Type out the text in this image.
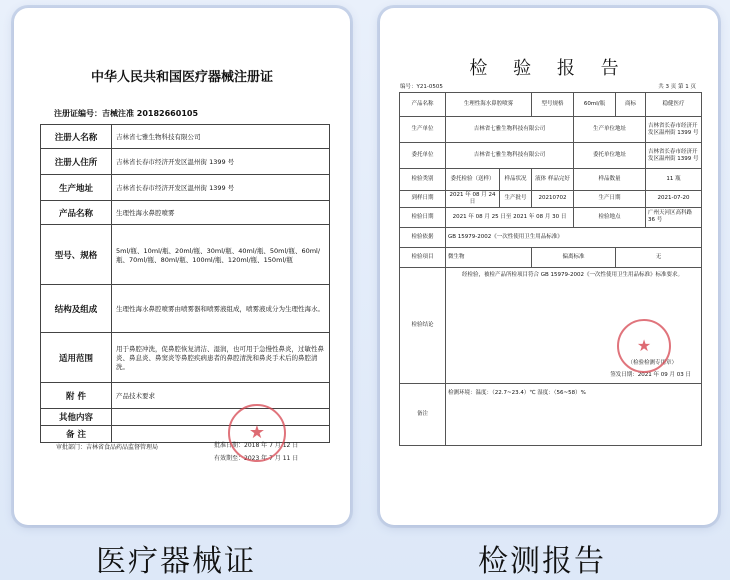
中华人民共和国医疗器械注册证
注册证编号：吉械注准 20182660105
注册人名称	吉林省七雅生物科技有限公司
注册人住所	吉林省长春市经济开发区温州街 1399 号
生产地址	吉林省长春市经济开发区温州街 1399 号
产品名称	生理性海水鼻腔喷雾
型号、规格	5ml/瓶、10ml/瓶、20ml/瓶、30ml/瓶、40ml/瓶、50ml/瓶、60ml/瓶、70ml/瓶、80ml/瓶、100ml/瓶、120ml/瓶、150ml/瓶
结构及组成	生理性海水鼻腔喷雾由喷雾器和喷雾液组成，喷雾液成分为生理性海水。
适用范围	用于鼻腔冲洗，促鼻腔恢复清洁、湿润，也可用于急慢性鼻炎，过敏性鼻炎、鼻息炎、鼻窦炎等鼻腔疾病患者的鼻腔清洗和鼻炎手术后的鼻腔清洗。
附 件	产品技术要求
其他内容	
备 注	
审批部门：吉林省食品药品监督管理局	批准日期：2018 年 7 月 12 日
有效期至：2023 年 7 月 11 日
★
检 验 报 告
编号：Y21-0505	共 3 页 第 1 页
产品名称	生理性海水鼻腔喷雾		型号规格	60ml/瓶	商标	稳健医疗
生产单位	吉林省七雅生物科技有限公司			生产单位地址		吉林省长春市经济开发区温州街 1399 号
委托单位	吉林省七雅生物科技有限公司			委托单位地址		吉林省长春市经济开发区温州街 1399 号
检验类别	委托检验（送样）	样品状况	液体 样品完好	样品数量		11 瓶
到样日期	2021 年 08 月 24 日	生产批号	20210702	生产日期		2021-07-20
检验日期	2021 年 08 月 25 日至 2021 年 08 月 30 日			检验地点		广州天河区高科路 36 号
检验依据	GB 15979-2002《一次性使用卫生用品标准》					
检验项目	微生物		偏离标准		无	
检验结论	经检验，被检产品所检项目符合 GB 15979-2002《一次性使用卫生用品标准》标准要求。
（检验检测专用章）
签发日期：2021 年 09 月 03 日
★					

备注	检测环境：温度：（22.7~23.4）℃ 湿度：（56~58）%					
医疗器械证	检测报告
